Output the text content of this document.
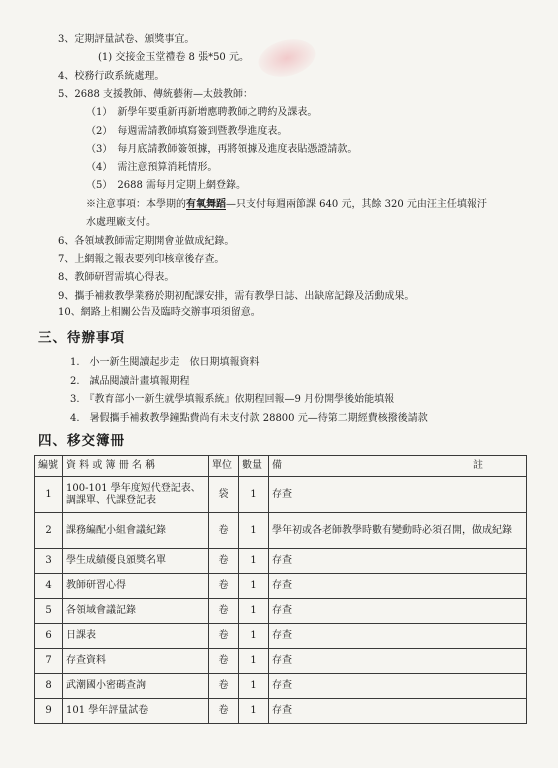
3、定期評量試卷、頒獎事宜。
(1) 交接金玉堂禮卷 8 張*50 元。
4、校務行政系統處理。
5、2688 支援教師、傳統藝術—太鼓教師：
（1）　新學年要重新再新增應聘教師之聘約及課表。
（2）　每週需請教師填寫簽到暨教學進度表。
（3）　每月底請教師簽領據，再將領據及進度表貼憑證請款。
（4）　需注意預算消耗情形。
（5）　2688 需每月定期上網登錄。
※注意事項：本學期的有氧舞蹈—只支付每週兩節課 640 元，其餘 320 元由汪主任填報汙
水處理廠支付。
6、各領域教師需定期開會並做成紀錄。
7、上網報之報表要列印核章後存查。
8、教師研習需填心得表。
9、攜手補救教學業務於期初配課安排，需有教學日誌、出缺席記錄及活動成果。
10、網路上相關公告及臨時交辦事項須留意。
三、待辦事項
1.　小一新生閱讀起步走　依日期填報資料
2.　誠品閱讀計畫填報期程
3.　『教育部小一新生就學填報系統』依期程回報—9 月份開學後始能填報
4.　暑假攜手補救教學鐘點費尚有未支付款 28800 元—待第二期經費核撥後請款
四、移交簿冊
編號	資 料 或 簿 冊 名 稱	單位	數量	備 註

1	100-101 學年度短代登記表、調課單、代課登記表	袋	1	存查
2	課務編配小組會議紀錄	卷	1	學年初或各老師教學時數有變動時必須召開，做成紀錄
3	學生成績優良頒獎名單	卷	1	存查
4	教師研習心得	卷	1	存查
5	各領域會議記錄	卷	1	存查
6	日課表	卷	1	存查
7	存查資料	卷	1	存查
8	武潮國小密碼查詢	卷	1	存查
9	101 學年評量試卷	卷	1	存查
